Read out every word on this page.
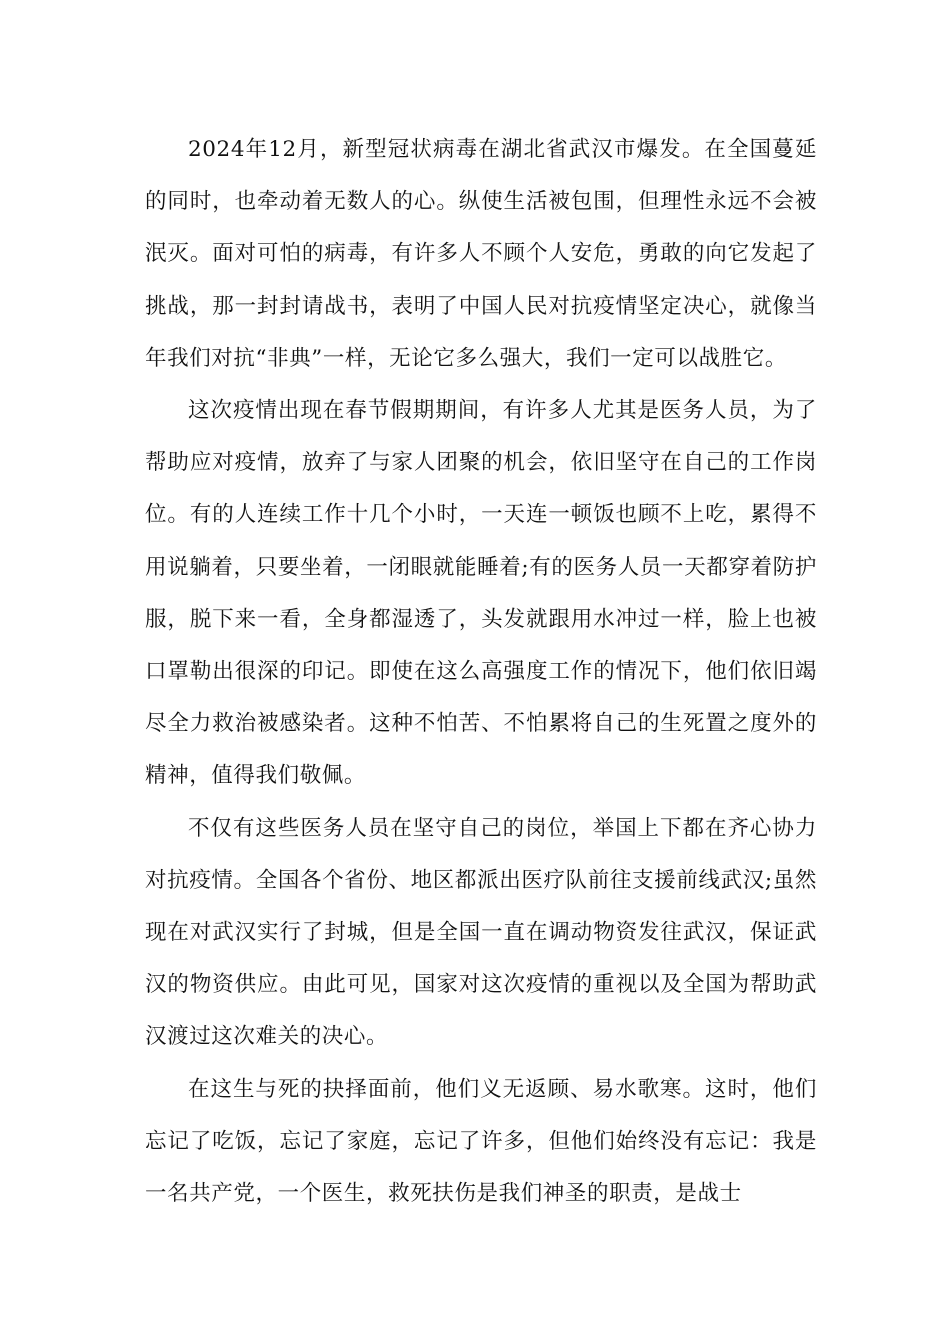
2024年12月，新型冠状病毒在湖北省武汉市爆发。在全国蔓延的同时，也牵动着无数人的心。纵使生活被包围，但理性永远不会被泯灭。面对可怕的病毒，有许多人不顾个人安危，勇敢的向它发起了挑战，那一封封请战书，表明了中国人民对抗疫情坚定决心，就像当年我们对抗“非典”一样，无论它多么强大，我们一定可以战胜它。

这次疫情出现在春节假期期间，有许多人尤其是医务人员，为了帮助应对疫情，放弃了与家人团聚的机会，依旧坚守在自己的工作岗位。有的人连续工作十几个小时，一天连一顿饭也顾不上吃，累得不用说躺着，只要坐着，一闭眼就能睡着;有的医务人员一天都穿着防护服，脱下来一看，全身都湿透了，头发就跟用水冲过一样，脸上也被口罩勒出很深的印记。即使在这么高强度工作的情况下，他们依旧竭尽全力救治被感染者。这种不怕苦、不怕累将自己的生死置之度外的精神，值得我们敬佩。

不仅有这些医务人员在坚守自己的岗位，举国上下都在齐心协力对抗疫情。全国各个省份、地区都派出医疗队前往支援前线武汉;虽然现在对武汉实行了封城，但是全国一直在调动物资发往武汉，保证武汉的物资供应。由此可见，国家对这次疫情的重视以及全国为帮助武汉渡过这次难关的决心。

在这生与死的抉择面前，他们义无返顾、易水歌寒。这时，他们忘记了吃饭，忘记了家庭，忘记了许多，但他们始终没有忘记：我是一名共产党，一个医生，救死扶伤是我们神圣的职责，是战士
